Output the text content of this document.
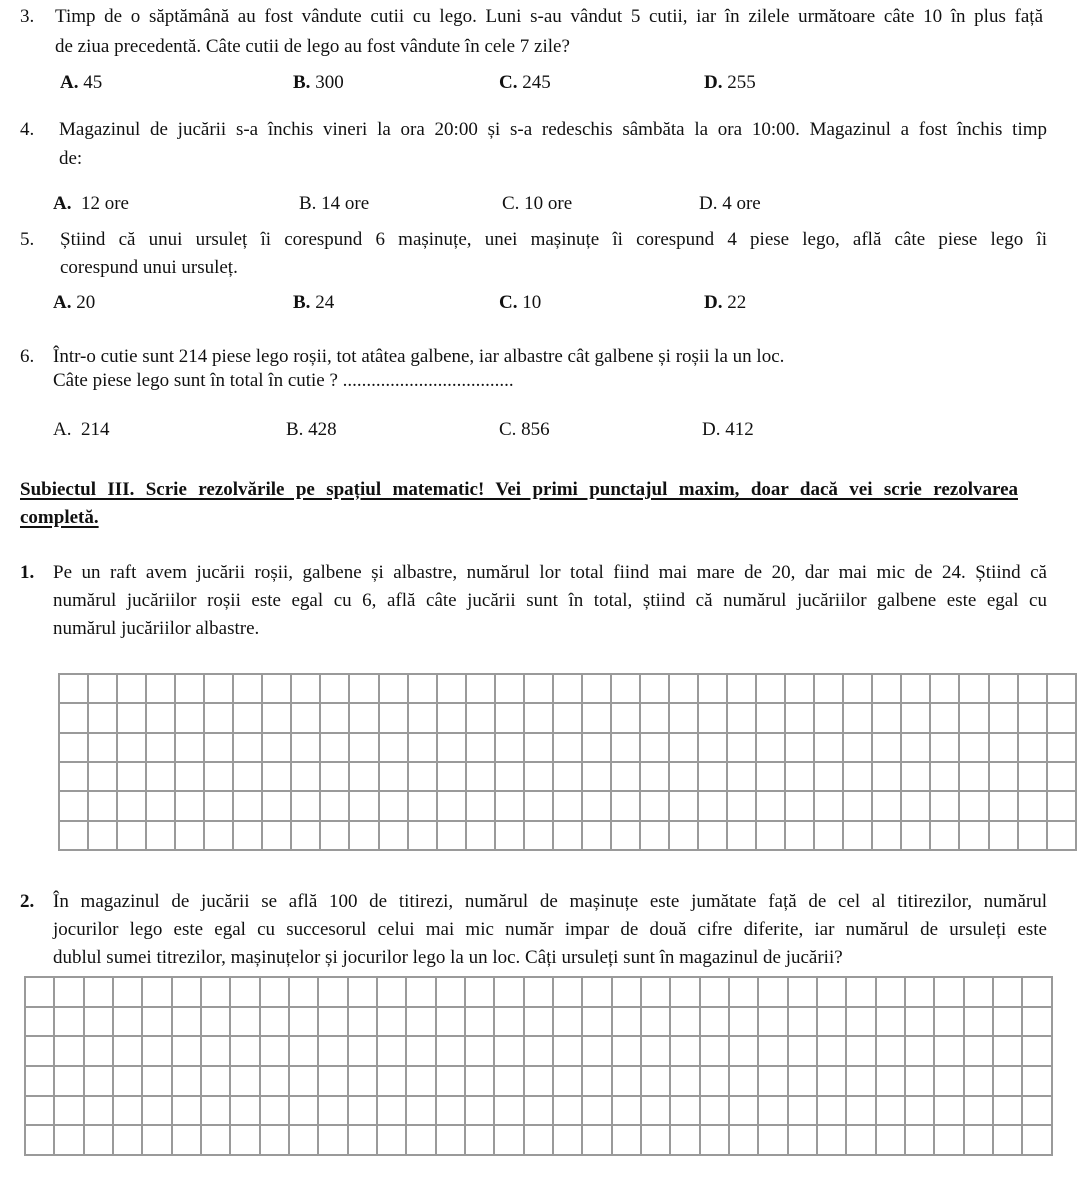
3. Timp de o săptămână au fost vândute cutii cu lego. Luni s-au vândut 5 cutii, iar în zilele următoare câte 10 în plus față
de ziua precedentă. Câte cutii de lego au fost vândute în cele 7 zile?
A. 45	B. 300	C. 245	D. 255
4. Magazinul de jucării s-a închis vineri la ora 20:00 și s-a redeschis sâmbăta la ora 10:00. Magazinul a fost închis timp
de:
A.  12 ore	B. 14 ore	C. 10 ore	D. 4 ore
5. Știind că unui ursuleț îi corespund 6 mașinuțe, unei mașinuțe îi corespund 4 piese lego, află câte piese lego îi
corespund unui ursuleț.
A. 20	B. 24	C. 10	D. 22
6. Într-o cutie sunt 214 piese lego roșii, tot atâtea galbene, iar albastre cât galbene și roșii la un loc.
Câte piese lego sunt în total în cutie ? ....................................
A.  214	B. 428	C. 856	D. 412
Subiectul III. Scrie rezolvările pe spațiul matematic! Vei primi punctajul maxim, doar dacă vei scrie rezolvarea
completă.
1. Pe un raft avem jucării roșii, galbene și albastre, numărul lor total fiind mai mare de 20, dar mai mic de 24. Știind că
numărul jucăriilor roșii este egal cu 6, află câte jucării sunt în total, știind că numărul jucăriilor galbene este egal cu
numărul jucăriilor albastre.

2. În magazinul de jucării se află 100 de titirezi, numărul de mașinuțe este jumătate față de cel al titirezilor, numărul
jocurilor lego este egal cu succesorul celui mai mic număr impar de două cifre diferite, iar numărul de ursuleți este
dublul sumei titrezilor, mașinuțelor și jocurilor lego la un loc. Câți ursuleți sunt în magazinul de jucării?
